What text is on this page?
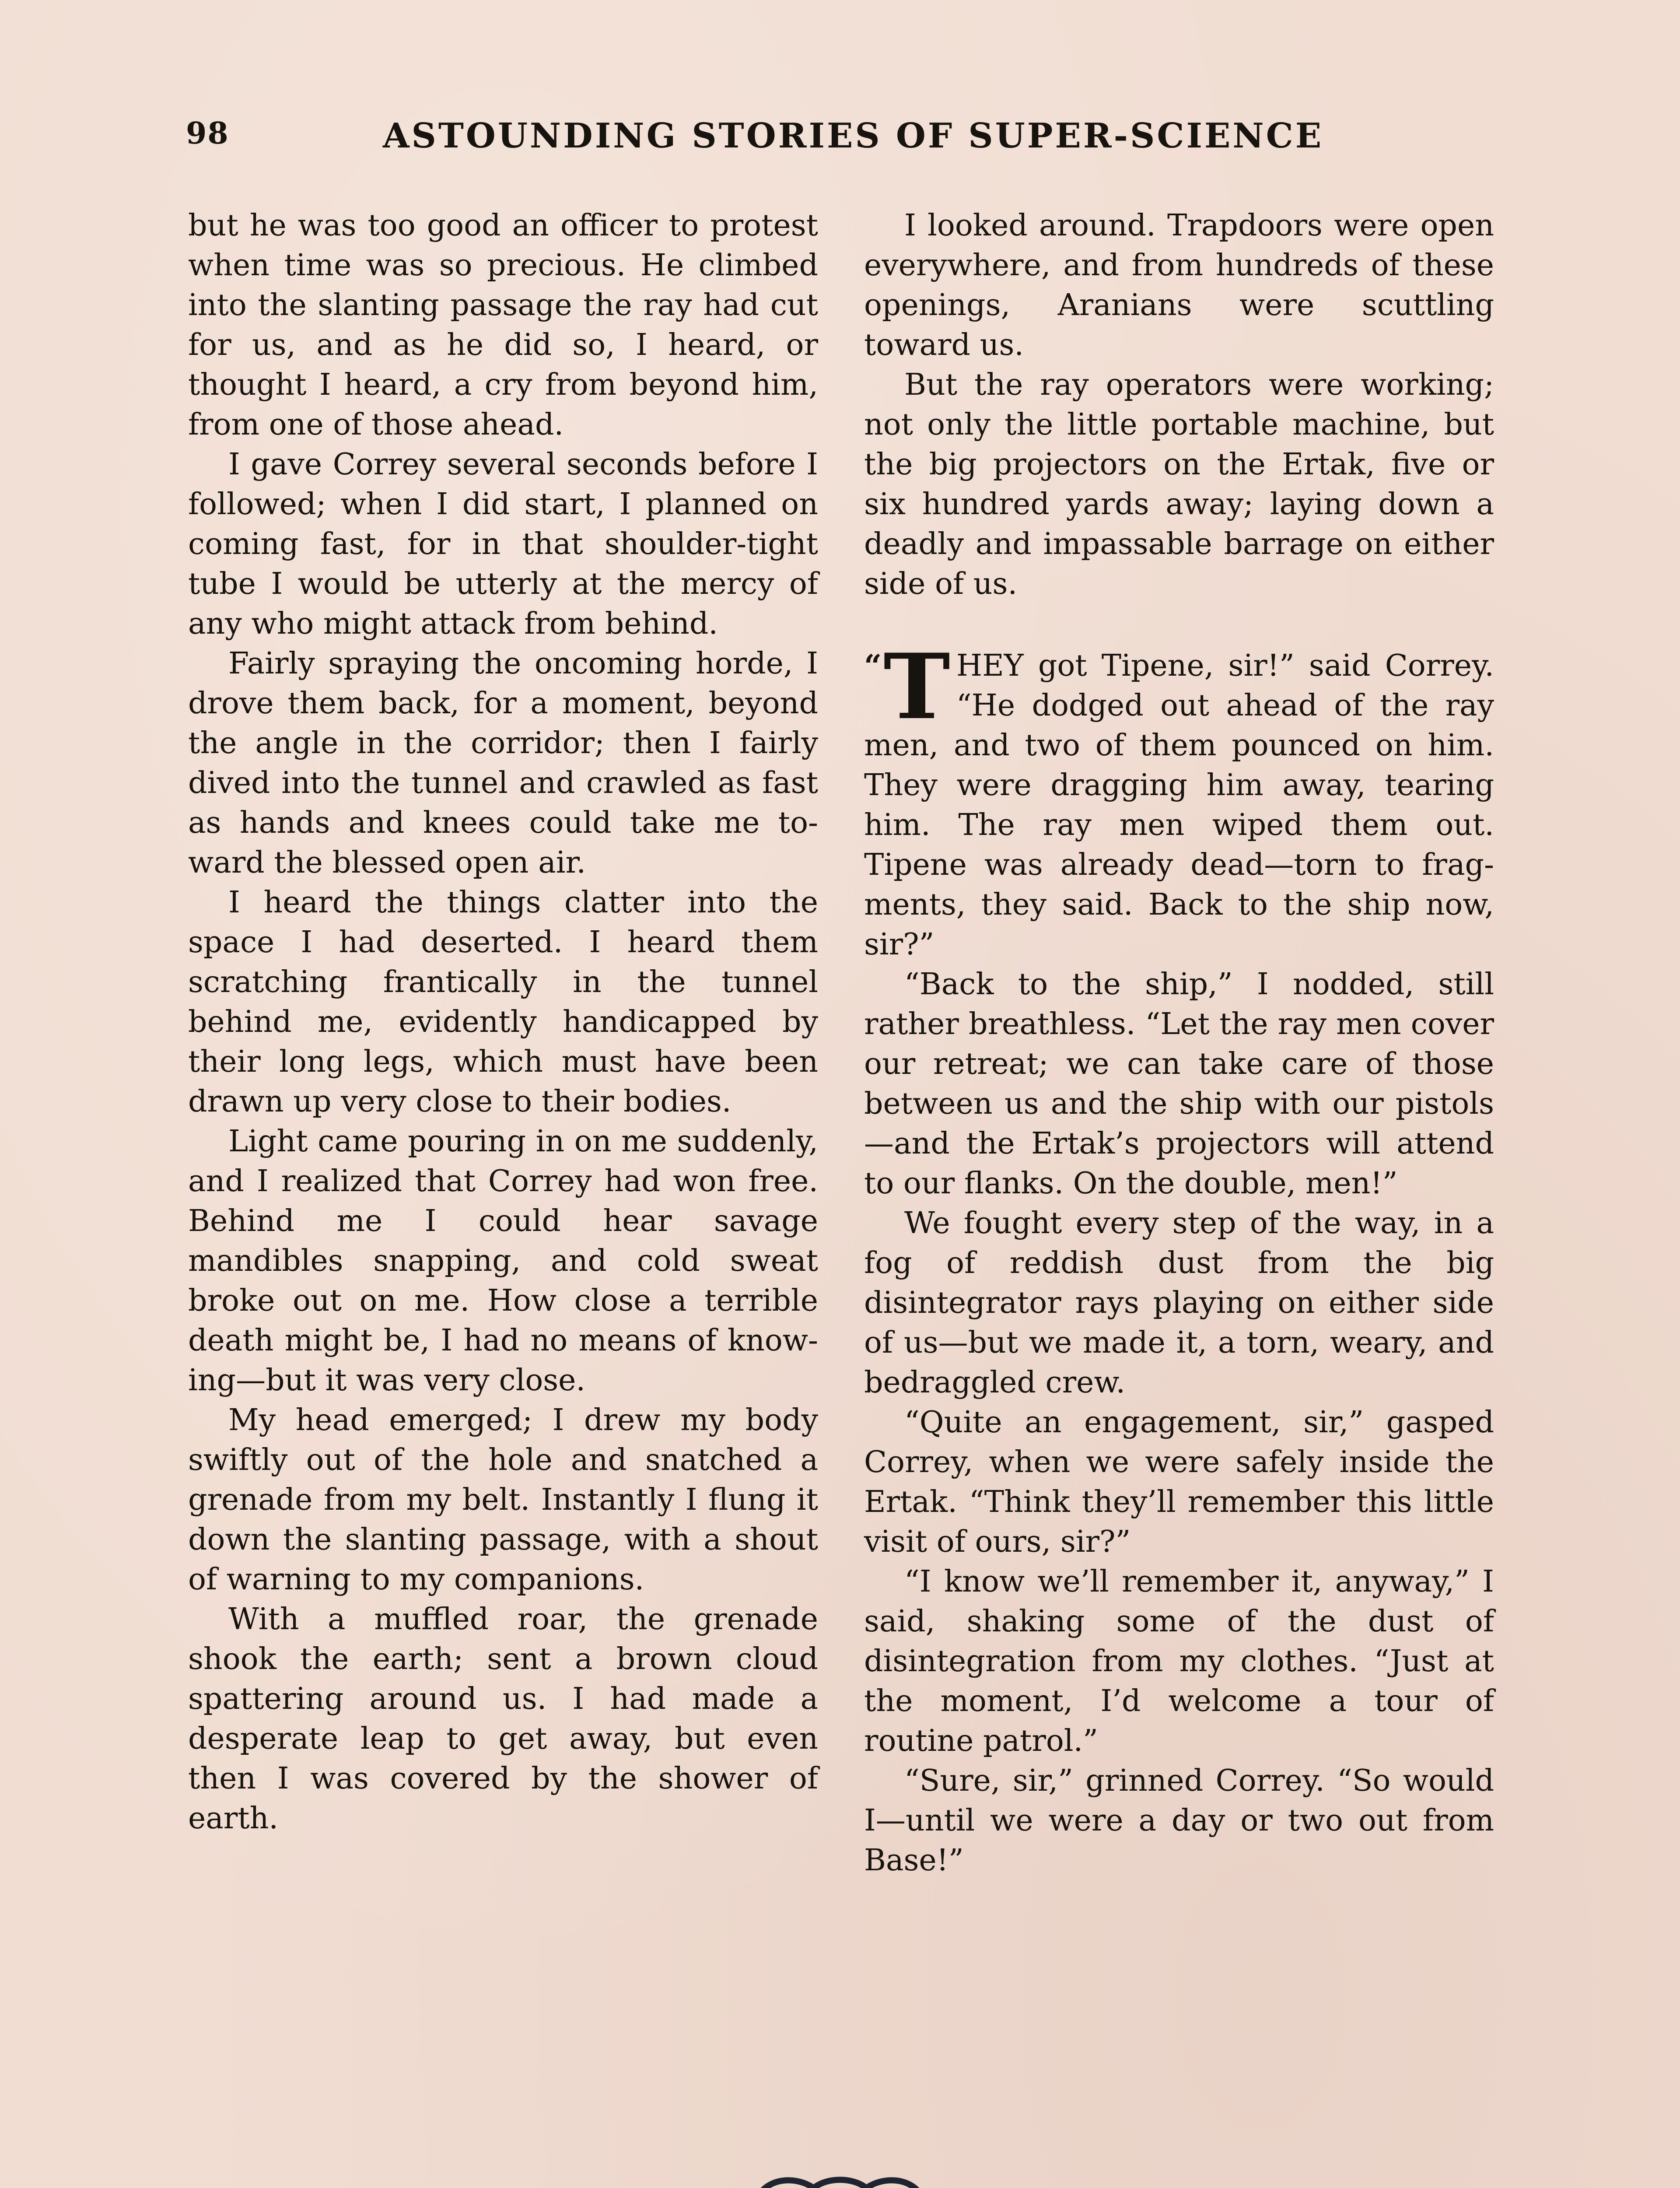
98	ASTOUNDING STORIES OF SUPER-SCIENCE

but he was too good an officer to protest when time was so precious. He climbed into the slanting passage the ray had cut for us, and as he did so, I heard, or thought I heard, a cry from beyond him, from one of those ahead.

I gave Correy several seconds before I followed; when I did start, I planned on coming fast, for in that shoulder-tight tube I would be utterly at the mercy of any who might attack from behind.

Fairly spraying the oncoming horde, I drove them back, for a moment, beyond the angle in the corridor; then I fairly dived into the tunnel and crawled as fast as hands and knees could take me toward the blessed open air.

I heard the things clatter into the space I had deserted. I heard them scratching frantically in the tunnel behind me, evidently handicapped by their long legs, which must have been drawn up very close to their bodies.

Light came pouring in on me suddenly, and I realized that Correy had won free. Behind me I could hear savage mandibles snapping, and cold sweat broke out on me. How close a terrible death might be, I had no means of knowing—but it was very close.

My head emerged; I drew my body swiftly out of the hole and snatched a grenade from my belt. Instantly I flung it down the slanting passage, with a shout of warning to my companions.

With a muffled roar, the grenade shook the earth; sent a brown cloud spattering around us. I had made a desperate leap to get away, but even then I was covered by the shower of earth.

I looked around. Trapdoors were open everywhere, and from hundreds of these openings, Aranians were scuttling toward us.

But the ray operators were working; not only the little portable machine, but the big projectors on the Ertak, five or six hundred yards away; laying down a deadly and impassable barrage on either side of us.

“ T HEY got Tipene, sir!” said Correy. “He dodged out ahead of the ray men, and two of them pounced on him. They were dragging him away, tearing him. The ray men wiped them out. Tipene was already dead—torn to fragments, they said. Back to the ship now, sir?”

“Back to the ship,” I nodded, still rather breathless. “Let the ray men cover our retreat; we can take care of those between us and the ship with our pistols—and the Ertak’s projectors will attend to our flanks. On the double, men!”

We fought every step of the way, in a fog of reddish dust from the big disintegrator rays playing on either side of us—but we made it, a torn, weary, and bedraggled crew.

“Quite an engagement, sir,” gasped Correy, when we were safely inside the Ertak. “Think they’ll remember this little visit of ours, sir?”

“I know we’ll remember it, anyway,” I said, shaking some of the dust of disintegration from my clothes. “Just at the moment, I’d welcome a tour of routine patrol.”

“Sure, sir,” grinned Correy. “So would I—until we were a day or two out from Base!”
